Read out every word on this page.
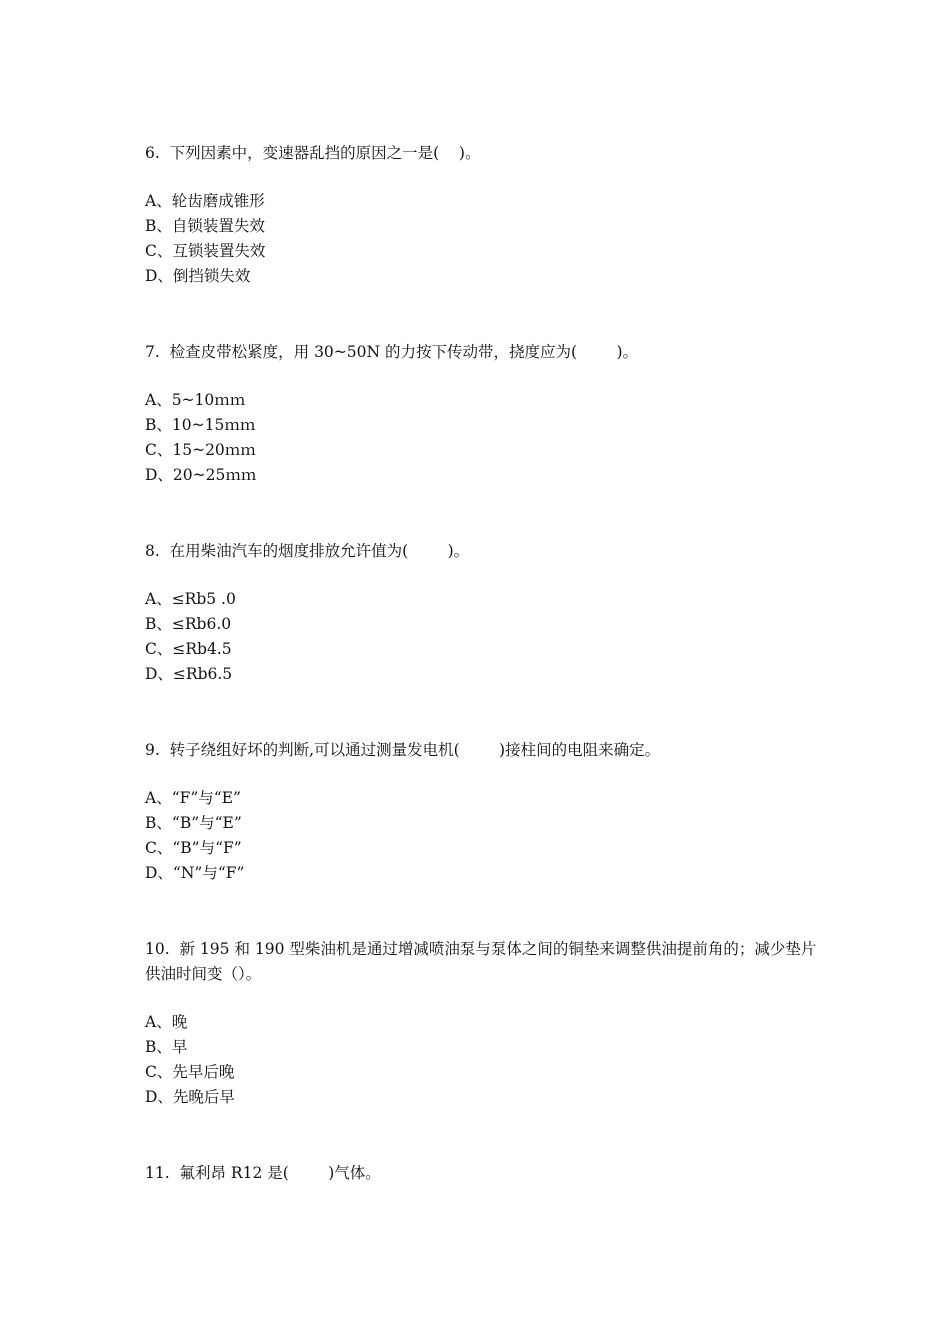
6.  下列因素中，变速器乱挡的原因之一是(    )。

A、轮齿磨成锥形
B、自锁装置失效
C、互锁装置失效
D、倒挡锁失效

7.  检查皮带松紧度，用 30~50N 的力按下传动带，挠度应为(        )。

A、5~10ｍｍ
B、10~15ｍｍ
C、15~20ｍｍ
D、20~25ｍｍ

8.  在用柴油汽车的烟度排放允许值为(        )。

A、≤Rb5 .0
B、≤Rb6.0
C、≤Rb4.5
D、≤Rb6.5

9.  转子绕组好坏的判断,可以通过测量发电机(        )接柱间的电阻来确定。

A、“F”与“E”
B、“B”与“E”
C、“B”与“F”
D、“N”与“F”

10.  新 195 和 190 型柴油机是通过增减喷油泵与泵体之间的铜垫来调整供油提前角的；减少垫片供油时间变（）。

A、晚
B、早
C、先早后晚
D、先晚后早

11.  氟利昂 R12 是(        )气体。
